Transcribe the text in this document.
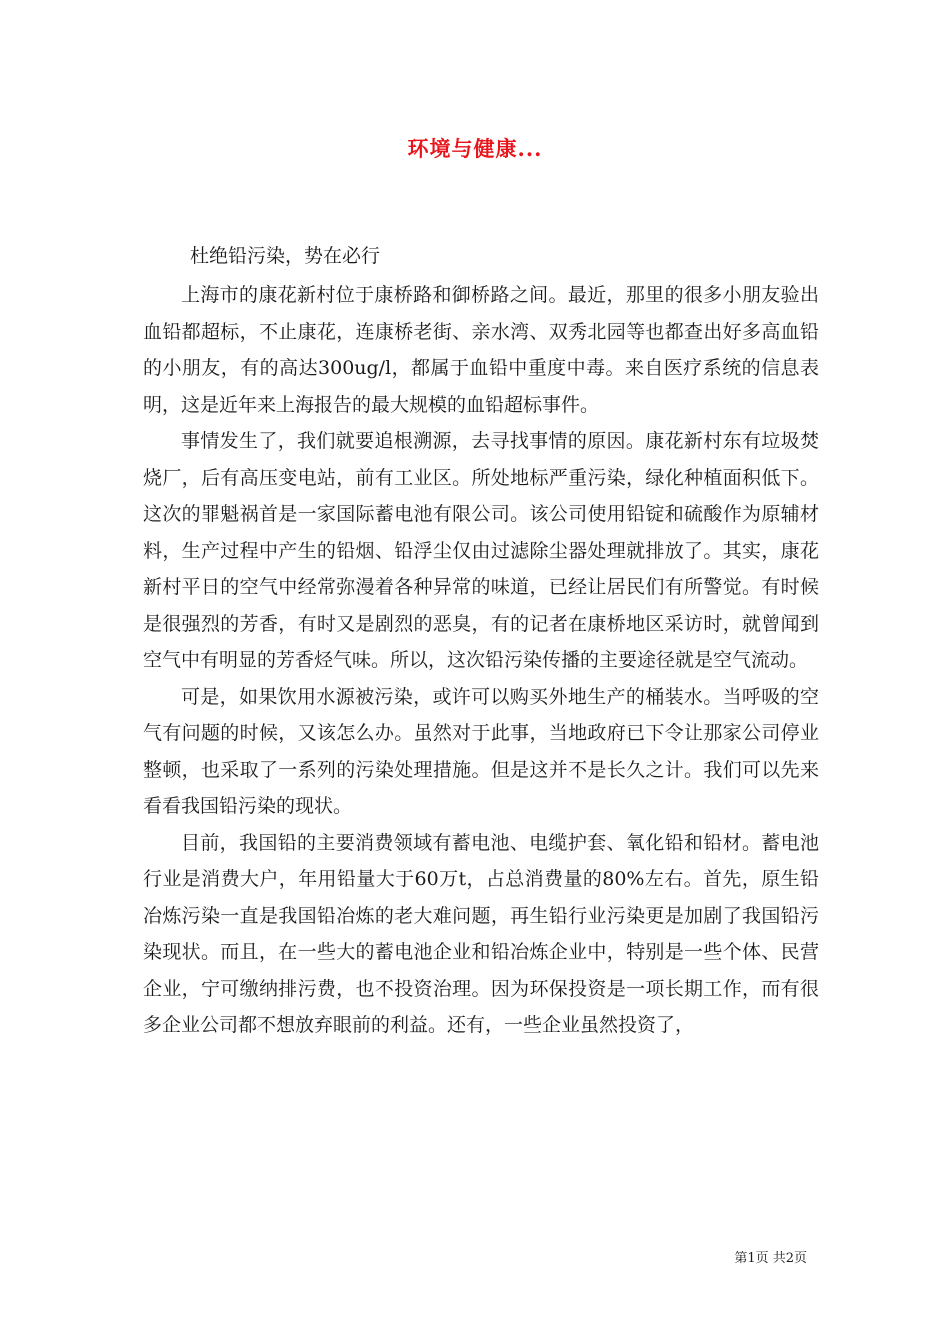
环境与健康...

杜绝铅污染，势在必行

上海市的康花新村位于康桥路和御桥路之间。最近，那里的很多小朋友验出血铅都超标，不止康花，连康桥老街、亲水湾、双秀北园等也都查出好多高血铅的小朋友，有的高达300ug/l，都属于血铅中重度中毒。来自医疗系统的信息表明，这是近年来上海报告的最大规模的血铅超标事件。

事情发生了，我们就要追根溯源，去寻找事情的原因。康花新村东有垃圾焚烧厂，后有高压变电站，前有工业区。所处地标严重污染，绿化种植面积低下。这次的罪魁祸首是一家国际蓄电池有限公司。该公司使用铅锭和硫酸作为原辅材料，生产过程中产生的铅烟、铅浮尘仅由过滤除尘器处理就排放了。其实，康花新村平日的空气中经常弥漫着各种异常的味道，已经让居民们有所警觉。有时候是很强烈的芳香，有时又是剧烈的恶臭，有的记者在康桥地区采访时，就曾闻到空气中有明显的芳香烃气味。所以，这次铅污染传播的主要途径就是空气流动。

可是，如果饮用水源被污染，或许可以购买外地生产的桶装水。当呼吸的空气有问题的时候，又该怎么办。虽然对于此事，当地政府已下令让那家公司停业整顿，也采取了一系列的污染处理措施。但是这并不是长久之计。我们可以先来看看我国铅污染的现状。

目前，我国铅的主要消费领域有蓄电池、电缆护套、氧化铅和铅材。蓄电池行业是消费大户，年用铅量大于60万t，占总消费量的80%左右。首先，原生铅冶炼污染一直是我国铅冶炼的老大难问题，再生铅行业污染更是加剧了我国铅污染现状。而且，在一些大的蓄电池企业和铅冶炼企业中，特别是一些个体、民营企业，宁可缴纳排污费，也不投资治理。因为环保投资是一项长期工作，而有很多企业公司都不想放弃眼前的利益。还有，一些企业虽然投资了，

第1页 共2页
